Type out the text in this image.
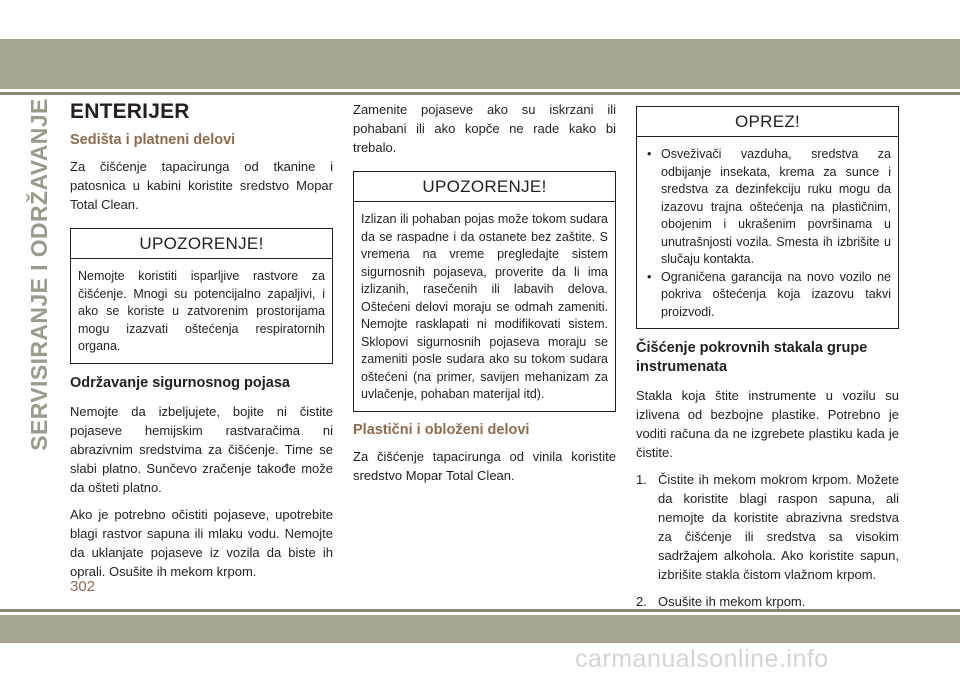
SERVISIRANJE I ODRŽAVANJE ENTERIJER
Sedišta i platneni delovi

Za čišćenje tapacirunga od tkanine i patosnica u kabini koristite sredstvo Mopar Total Clean.

UPOZORENJE!
Nemojte koristiti isparljive rastvore za čišćenje. Mnogi su potencijalno zapaljivi, i ako se koriste u zatvorenim prostorijama mogu izazvati oštećenja respiratornih organa.
Održavanje sigurnosnog pojasa

Nemojte da izbeljujete, bojite ni čistite pojaseve hemijskim rastvaračima ni abrazivnim sredstvima za čišćenje. Time se slabi platno. Sunčevo zračenje takođe može da ošteti platno.

Ako je potrebno očistiti pojaseve, upotrebite blagi rastvor sapuna ili mlaku vodu. Nemojte da uklanjate pojaseve iz vozila da biste ih oprali. Osušite ih mekom krpom.

Zamenite pojaseve ako su iskrzani ili pohabani ili ako kopče ne rade kako bi trebalo.

UPOZORENJE!
Izlizan ili pohaban pojas može tokom sudara da se raspadne i da ostanete bez zaštite. S vremena na vreme pregledajte sistem sigurnosnih pojaseva, proverite da li ima izlizanih, rasečenih ili labavih delova. Oštećeni delovi moraju se odmah zameniti. Nemojte rasklapati ni modifikovati sistem. Sklopovi sigurnosnih pojaseva moraju se zameniti posle sudara ako su tokom sudara oštećeni (na primer, savijen mehanizam za uvlačenje, pohaban materijal itd).
Plastični i obloženi delovi

Za čišćenje tapacirunga od vinila koristite sredstvo Mopar Total Clean.

OPREZ!
• Osveživači vazduha, sredstva za odbijanje insekata, krema za sunce i sredstva za dezinfekciju ruku mogu da izazovu trajna oštećenja na plastičnim, obojenim i ukrašenim površinama u unutrašnjosti vozila. Smesta ih izbrišite u slučaju kontakta.
• Ograničena garancija na novo vozilo ne pokriva oštećenja koja izazovu takvi proizvodi.
Čišćenje pokrovnih stakala grupe instrumenata

Stakla koja štite instrumente u vozilu su izlivena od bezbojne plastike. Potrebno je voditi računa da ne izgrebete plastiku kada je čistite.

1. Čistite ih mekom mokrom krpom. Možete da koristite blagi raspon sapuna, ali nemojte da koristite abrazivna sredstva za čišćenje ili sredstva sa visokim sadržajem alkohola. Ako koristite sapun, izbrišite stakla čistom vlažnom krpom.
2. Osušite ih mekom krpom.
302
carmanualsonline.info
